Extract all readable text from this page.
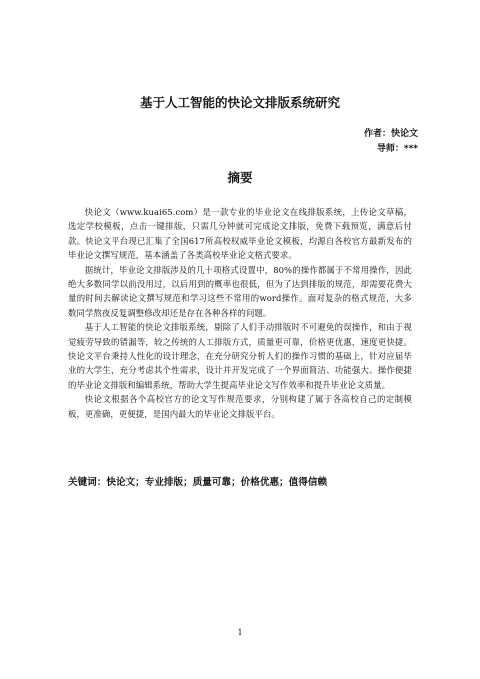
基于人工智能的快论文排版系统研究
作者：快论文
导师：***
摘要

快论文（www.kuai65.com）是一款专业的毕业论文在线排版系统，上传论文草稿，选定学校模板，点击一键排版，只需几分钟就可完成论文排版，免费下载预览，满意后付款。快论文平台现已汇集了全国617所高校权威毕业论文模板，均源自各校官方最新发布的毕业论文撰写规范，基本涵盖了各类高校毕业论文格式要求。

据统计，毕业论文排版涉及的几十项格式设置中，80%的操作都属于不常用操作，因此绝大多数同学以前没用过，以后用到的概率也很低，但为了达到排版的规范，却需要花费大量的时间去解读论文撰写规范和学习这些不常用的word操作。面对复杂的格式规范，大多数同学熬夜反复调整修改却还是存在各种各样的问题。

基于人工智能的快论文排版系统，剔除了人们手动排版时不可避免的误操作，和由于视觉疲劳导致的错漏等，较之传统的人工排版方式，质量更可靠，价格更优惠，速度更快捷。快论文平台秉持人性化的设计理念，在充分研究分析人们的操作习惯的基础上，针对应届毕业的大学生，充分考虑其个性需求，设计并开发完成了一个界面简洁、功能强大、操作便捷的毕业论文排版和编辑系统，帮助大学生提高毕业论文写作效率和提升毕业论文质量。

快论文根据各个高校官方的论文写作规范要求，分别构建了属于各高校自己的定制模板，更准确，更便捷，是国内最大的毕业论文排版平台。

关键词：快论文；专业排版；质量可靠；价格优惠；值得信赖
1
